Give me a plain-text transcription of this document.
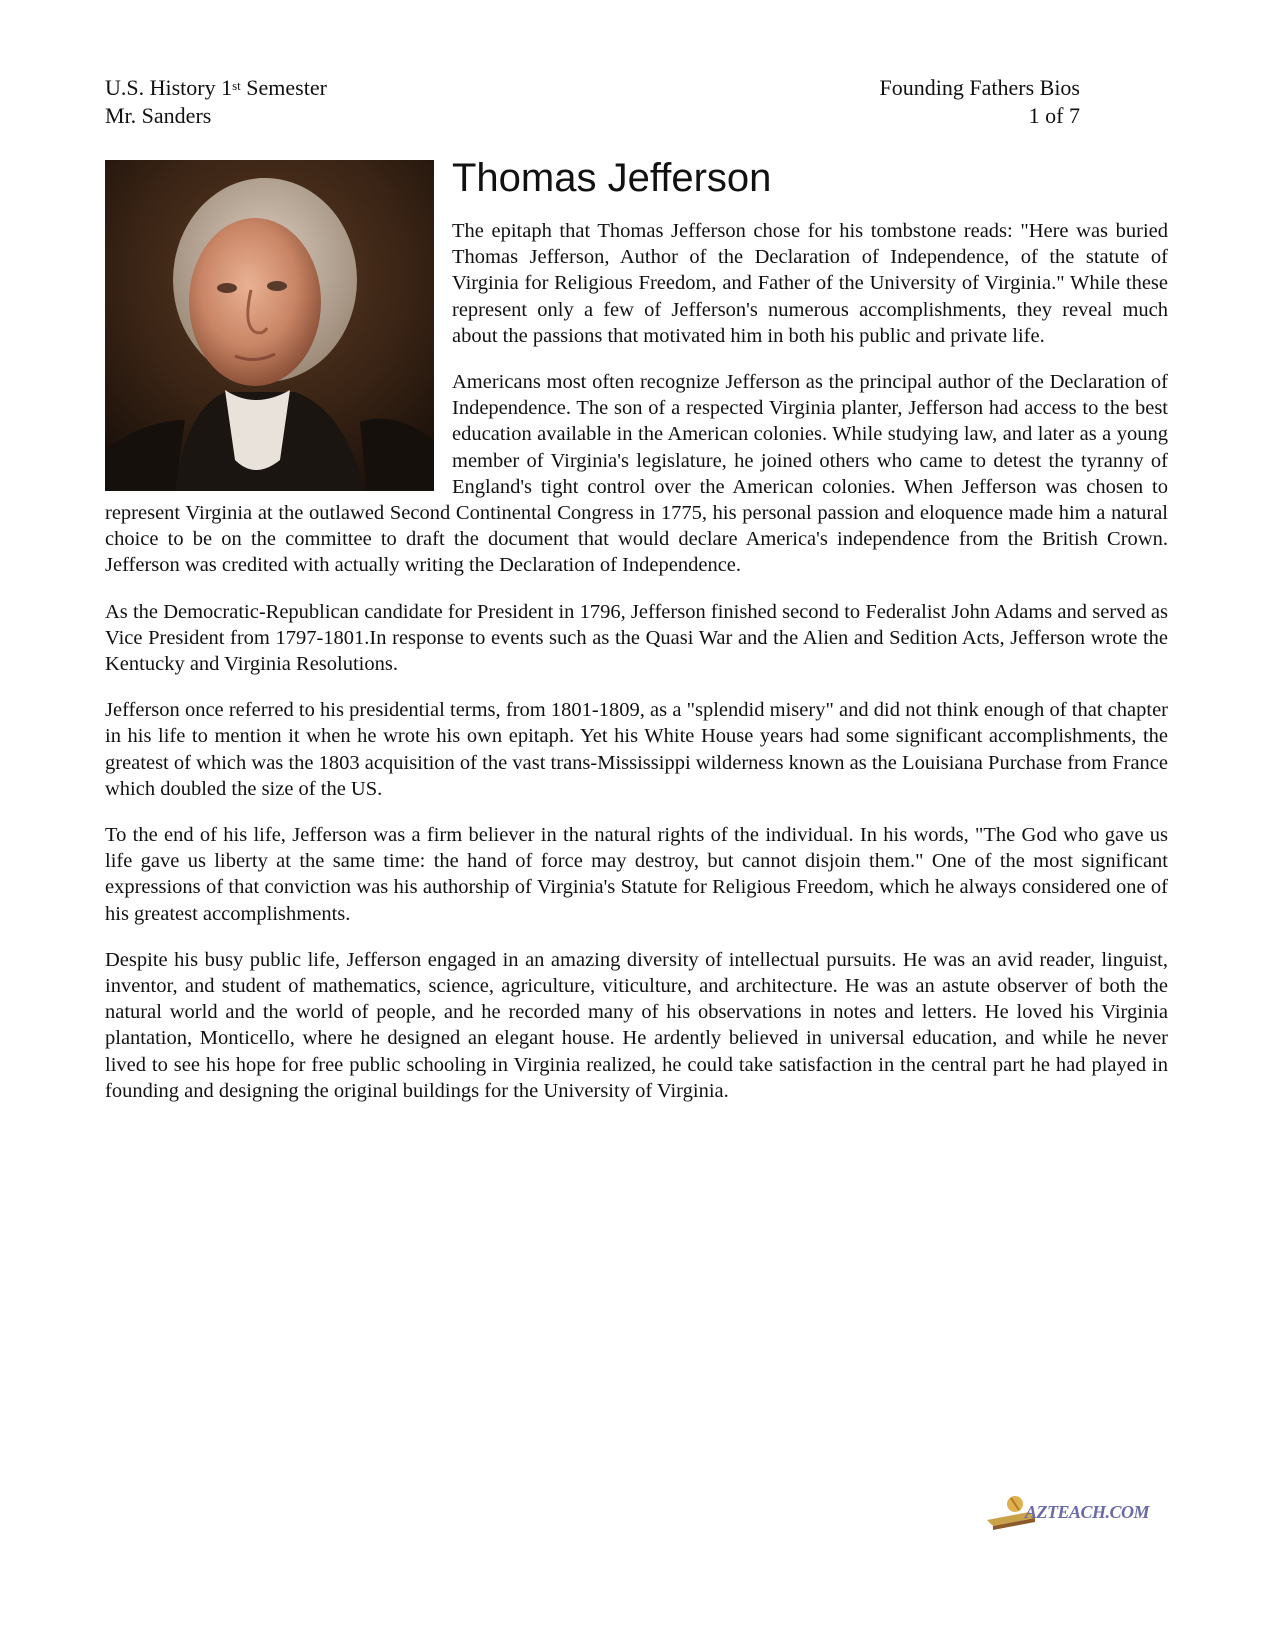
U.S. History 1st Semester	Founding Fathers Bios
Mr. Sanders	1 of 7
Thomas Jefferson

The epitaph that Thomas Jefferson chose for his tombstone reads: "Here was buried Thomas Jefferson, Author of the Declaration of Independence, of the statute of Virginia for Religious Freedom, and Father of the University of Virginia." While these represent only a few of Jefferson's numerous accomplishments, they reveal much about the passions that motivated him in both his public and private life.

Americans most often recognize Jefferson as the principal author of the Declaration of Independence. The son of a respected Virginia planter, Jefferson had access to the best education available in the American colonies. While studying law, and later as a young member of Virginia's legislature, he joined others who came to detest the tyranny of England's tight control over the American colonies. When Jefferson was chosen to represent Virginia at the outlawed Second Continental Congress in 1775, his personal passion and eloquence made him a natural choice to be on the committee to draft the document that would declare America's independence from the British Crown. Jefferson was credited with actually writing the Declaration of Independence.

As the Democratic-Republican candidate for President in 1796, Jefferson finished second to Federalist John Adams and served as Vice President from 1797-1801.In response to events such as the Quasi War and the Alien and Sedition Acts, Jefferson wrote the Kentucky and Virginia Resolutions.

Jefferson once referred to his presidential terms, from 1801-1809, as a "splendid misery" and did not think enough of that chapter in his life to mention it when he wrote his own epitaph. Yet his White House years had some significant accomplishments, the greatest of which was the 1803 acquisition of the vast trans-Mississippi wilderness known as the Louisiana Purchase from France which doubled the size of the US.

To the end of his life, Jefferson was a firm believer in the natural rights of the individual. In his words, "The God who gave us life gave us liberty at the same time: the hand of force may destroy, but cannot disjoin them." One of the most significant expressions of that conviction was his authorship of Virginia's Statute for Religious Freedom, which he always considered one of his greatest accomplishments.

Despite his busy public life, Jefferson engaged in an amazing diversity of intellectual pursuits. He was an avid reader, linguist, inventor, and student of mathematics, science, agriculture, viticulture, and architecture. He was an astute observer of both the natural world and the world of people, and he recorded many of his observations in notes and letters. He loved his Virginia plantation, Monticello, where he designed an elegant house. He ardently believed in universal education, and while he never lived to see his hope for free public schooling in Virginia realized, he could take satisfaction in the central part he had played in founding and designing the original buildings for the University of Virginia.

AZTEACH.COM
